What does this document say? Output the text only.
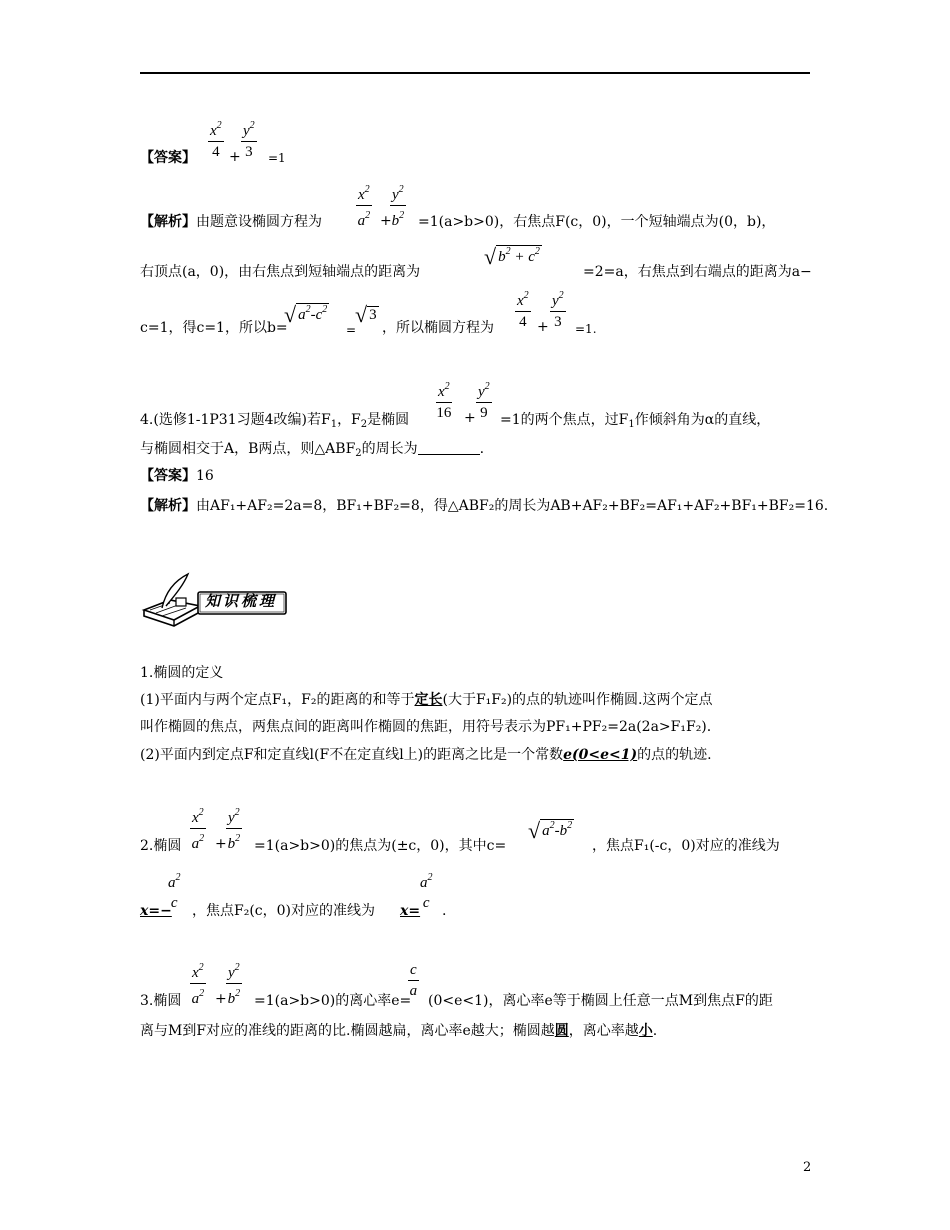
$\frac{x^2}{4} + \frac{y^2}{3}$
【答案】	=1
$\frac{x^2}{a^2}$ +
$\frac{y^2}{b^2}$
【解析】由题意设椭圆方程为	=1(a>b>0)，右焦点F(c，0)，一个短轴端点为(0，b)，
右顶点(a，0)，由右焦点到短轴端点的距离为
√ $b^2 + c^2$
=2=a，右焦点到右端点的距离为a−
c=1，得c=1，所以b=
√ $a^2-c^2$
=
√ 3
，所以椭圆方程为 $\frac{x^2}{4} + \frac{y^2}{3} =1$.
$\frac{x^2}{16} + \frac{y^2}{9}$
4.(选修1-1P31习题4改编)若$F_1$，$F_2$是椭圆	=1的两个焦点，过$F_1$作倾斜角为α的直线，
与椭圆相交于A，B两点，则$\triangle ABF_2$的周长为	.
【答案】16
【解析】由AF₁+AF₂=2a=8，BF₁+BF₂=8，得△ABF₂的周长为AB+AF₂+BF₂=AF₁+AF₂+BF₁+BF₂=16.
知识梳理
1.椭圆的定义
(1)平面内与两个定点F₁，F₂的距离的和等于定长(大于F₁F₂)的点的轨迹叫作椭圆.这两个定点
叫作椭圆的焦点，两焦点间的距离叫作椭圆的焦距，用符号表示为PF₁+PF₂=2a(2a>F₁F₂).
(2)平面内到定点F和定直线l(F不在定直线l上)的距离之比是一个常数e(0<e<1)的点的轨迹.
$\frac{x^2}{a^2} + \frac{y^2}{b^2}$
2.椭圆	=1(a>b>0)的焦点为(±c，0)，其中c=
√ $a^2-b^2$
，焦点F₁(-c，0)对应的准线为
$a^2$
c
x=− ，焦点F₂(c，0)对应的准线为 x=
$a^2$
c .
$\frac{x^2}{a^2} + \frac{y^2}{b^2}$
3.椭圆	=1(a>b>0)的离心率e=
$\frac{c}{a} (0<e<1)$，离心率e等于椭圆上任意一点M到焦点F的距
离与M到F对应的准线的距离的比.椭圆越扁，离心率e越大；椭圆越圆，离心率越小.
2
